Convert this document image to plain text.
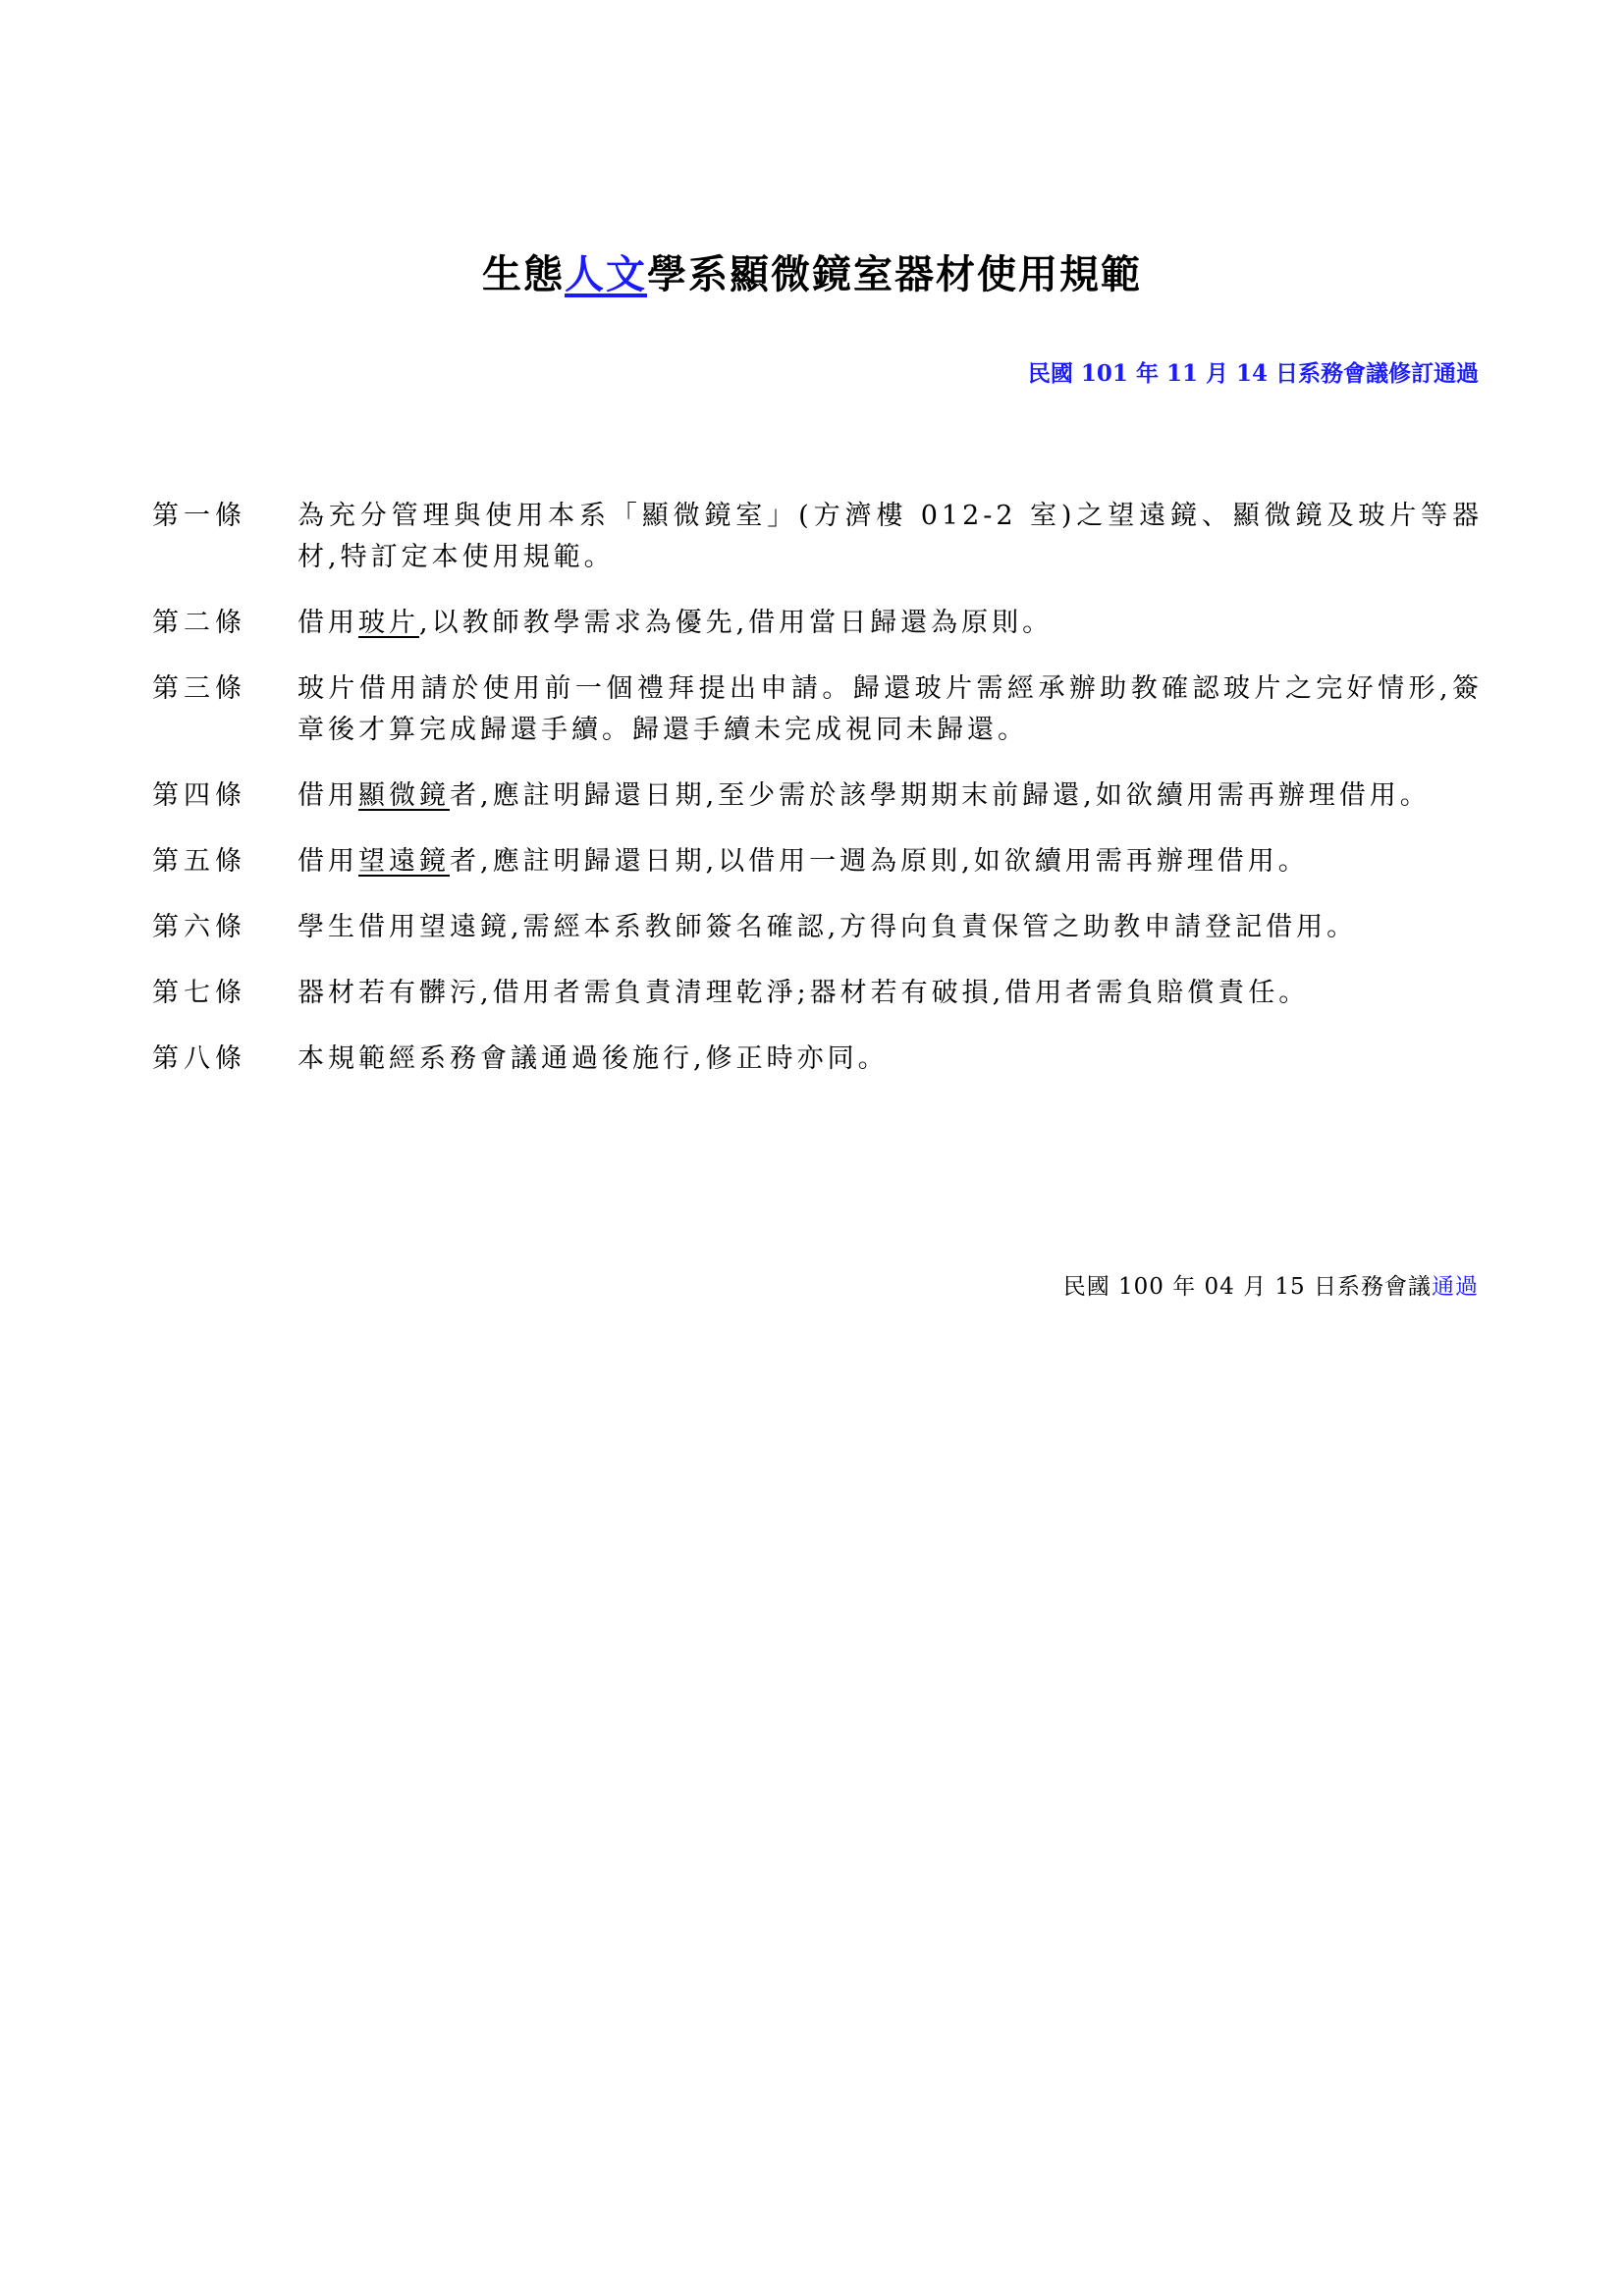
生態人文學系顯微鏡室器材使用規範
民國 101 年 11 月 14 日系務會議修訂通過
第一條	為充分管理與使用本系「顯微鏡室」(方濟樓 012-2 室)之望遠鏡、顯微鏡及玻片等器材,特訂定本使用規範。
第二條	借用玻片,以教師教學需求為優先,借用當日歸還為原則。
第三條	玻片借用請於使用前一個禮拜提出申請。歸還玻片需經承辦助教確認玻片之完好情形,簽章後才算完成歸還手續。歸還手續未完成視同未歸還。
第四條	借用顯微鏡者,應註明歸還日期,至少需於該學期期末前歸還,如欲續用需再辦理借用。
第五條	借用望遠鏡者,應註明歸還日期,以借用一週為原則,如欲續用需再辦理借用。
第六條	學生借用望遠鏡,需經本系教師簽名確認,方得向負責保管之助教申請登記借用。
第七條	器材若有髒污,借用者需負責清理乾淨;器材若有破損,借用者需負賠償責任。
第八條	本規範經系務會議通過後施行,修正時亦同。
民國 100 年 04 月 15 日系務會議通過
